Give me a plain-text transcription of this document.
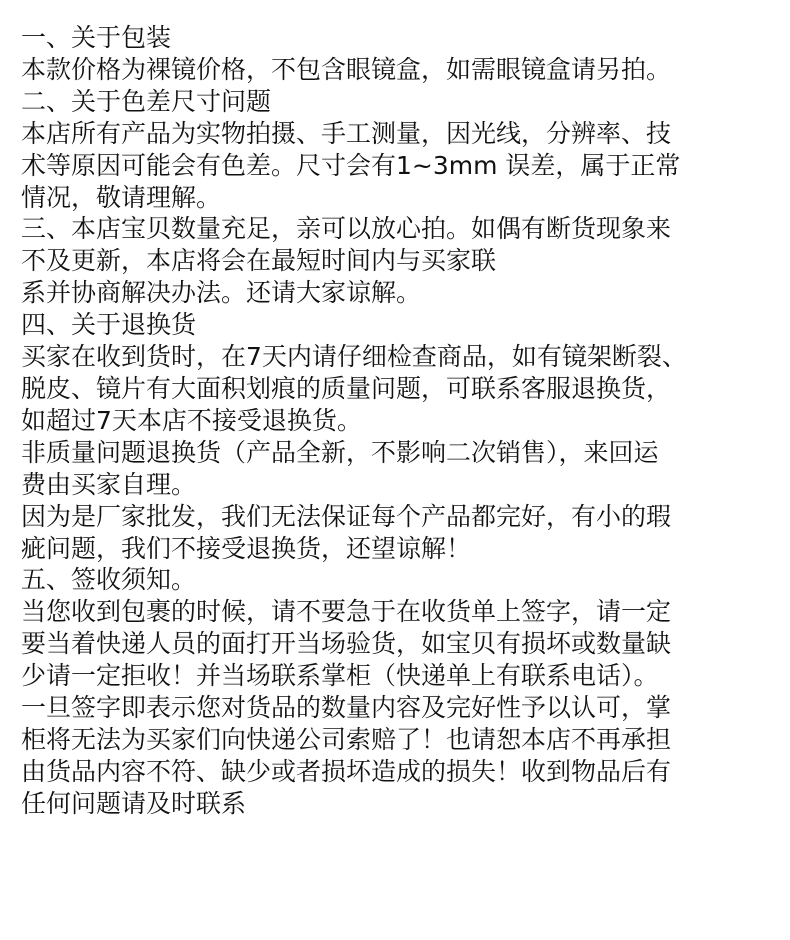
一、关于包装
本款价格为裸镜价格，不包含眼镜盒，如需眼镜盒请另拍。
二、关于色差尺寸问题
本店所有产品为实物拍摄、手工测量，因光线，分辨率、技
术等原因可能会有色差。尺寸会有1~3mm 误差，属于正常
情况，敬请理解。
三、本店宝贝数量充足，亲可以放心拍。如偶有断货现象来
不及更新，本店将会在最短时间内与买家联
系并协商解决办法。还请大家谅解。
四、关于退换货
买家在收到货时，在7天内请仔细检查商品，如有镜架断裂、
脱皮、镜片有大面积划痕的质量问题，可联系客服退换货，
如超过7天本店不接受退换货。
非质量问题退换货（产品全新，不影响二次销售），来回运
费由买家自理。
因为是厂家批发，我们无法保证每个产品都完好，有小的瑕
疵问题，我们不接受退换货，还望谅解！
五、签收须知。
当您收到包裹的时候，请不要急于在收货单上签字，请一定
要当着快递人员的面打开当场验货，如宝贝有损坏或数量缺
少请一定拒收！并当场联系掌柜（快递单上有联系电话）。
一旦签字即表示您对货品的数量内容及完好性予以认可，掌
柜将无法为买家们向快递公司索赔了！也请恕本店不再承担
由货品内容不符、缺少或者损坏造成的损失！收到物品后有
任何问题请及时联系
